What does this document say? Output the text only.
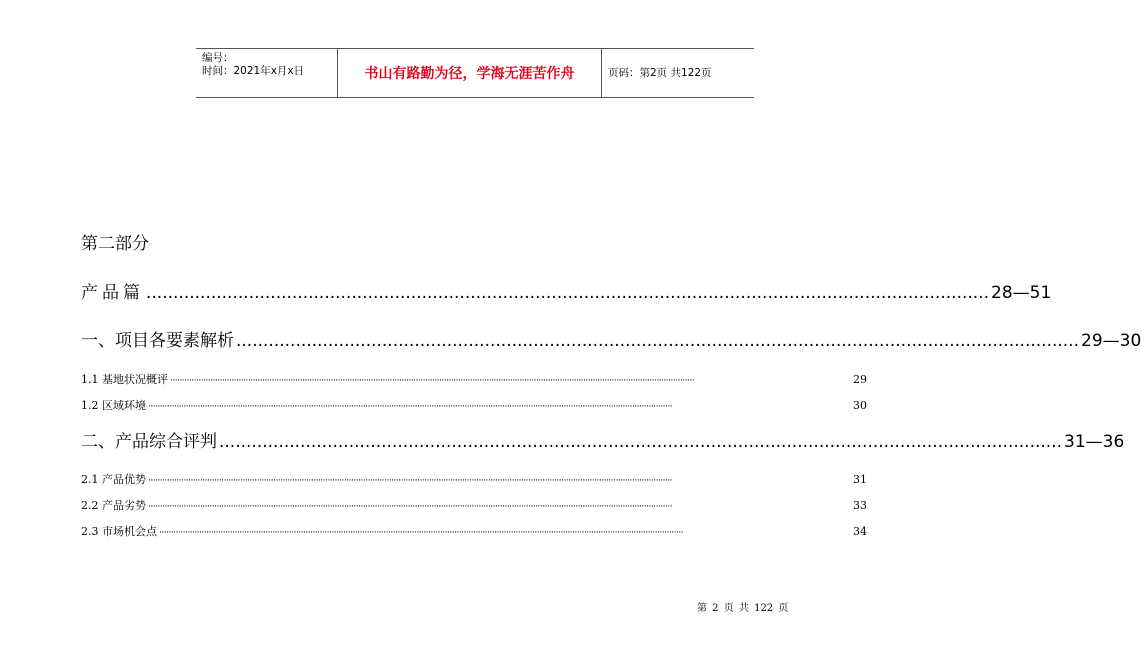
编号：
时间：2021年x月x日	书山有路勤为径，学海无涯苦作舟	页码：第2页 共122页
第二部分
产品篇 ............................................................................................................................................................ 28—51
一、项目各要素解析 ............................................................................................................................................................ 29—30
1.1 基地状况概评 ······························································································································································································································	29
1.2 区域环境 ······························································································································································································································	30
二、产品综合评判 ............................................................................................................................................................ 31—36
2.1 产品优势 ······························································································································································································································	31
2.2 产品劣势 ······························································································································································································································	33
2.3 市场机会点 ······························································································································································································································	34
第 2 页 共 122 页
